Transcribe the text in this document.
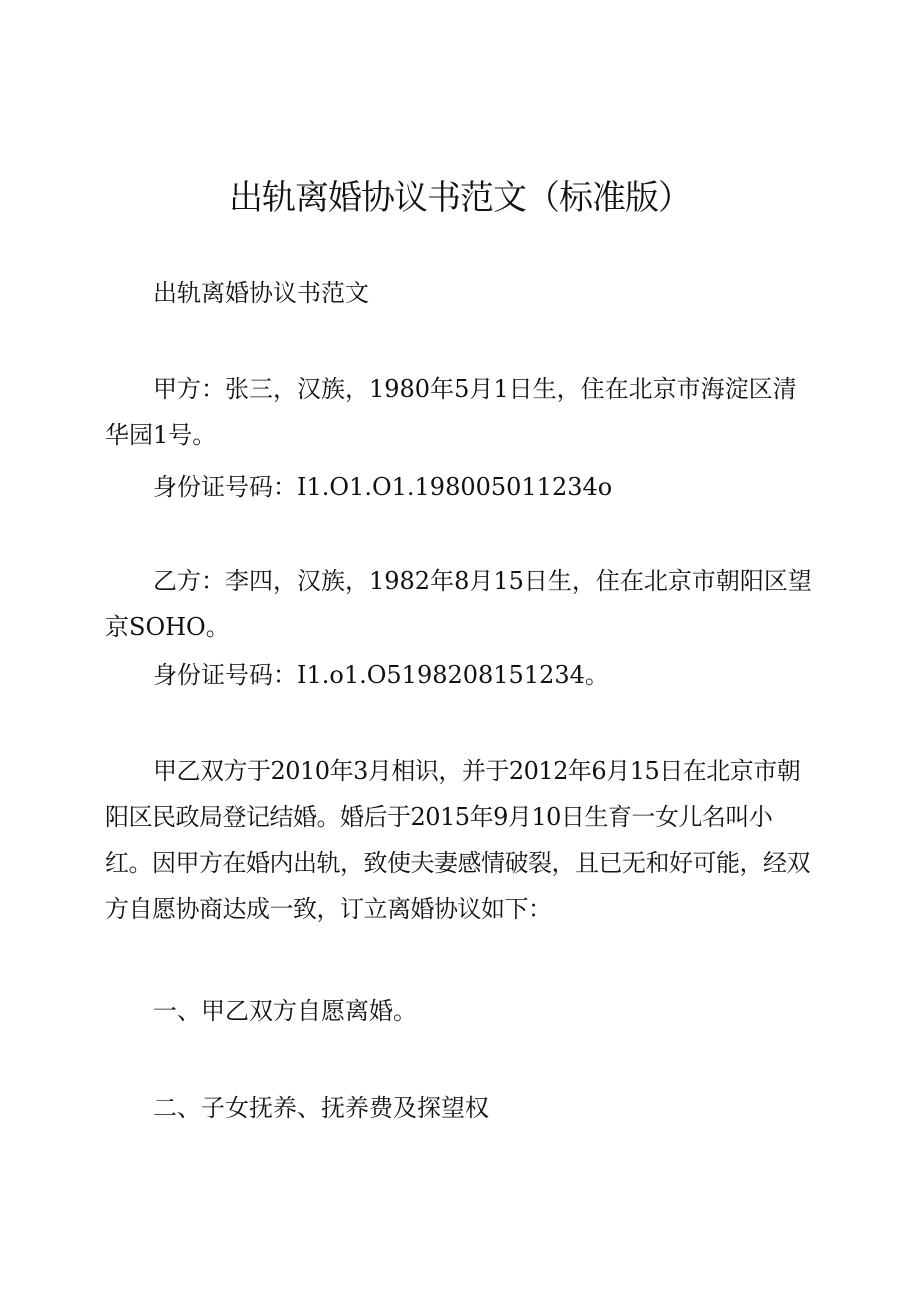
出轨离婚协议书范文（标准版）

出轨离婚协议书范文

甲方：张三，汉族，1980年5月1日生，住在北京市海淀区清华园1号。

身份证号码：I1.O1.O1.198005011234o

乙方：李四，汉族，1982年8月15日生，住在北京市朝阳区望京SOHO。

身份证号码：I1.o1.O5198208151234。

甲乙双方于2010年3月相识，并于2012年6月15日在北京市朝阳区民政局登记结婚。婚后于2015年9月10日生育一女儿名叫小红。因甲方在婚内出轨，致使夫妻感情破裂，且已无和好可能，经双方自愿协商达成一致，订立离婚协议如下：

一、甲乙双方自愿离婚。

二、子女抚养、抚养费及探望权
